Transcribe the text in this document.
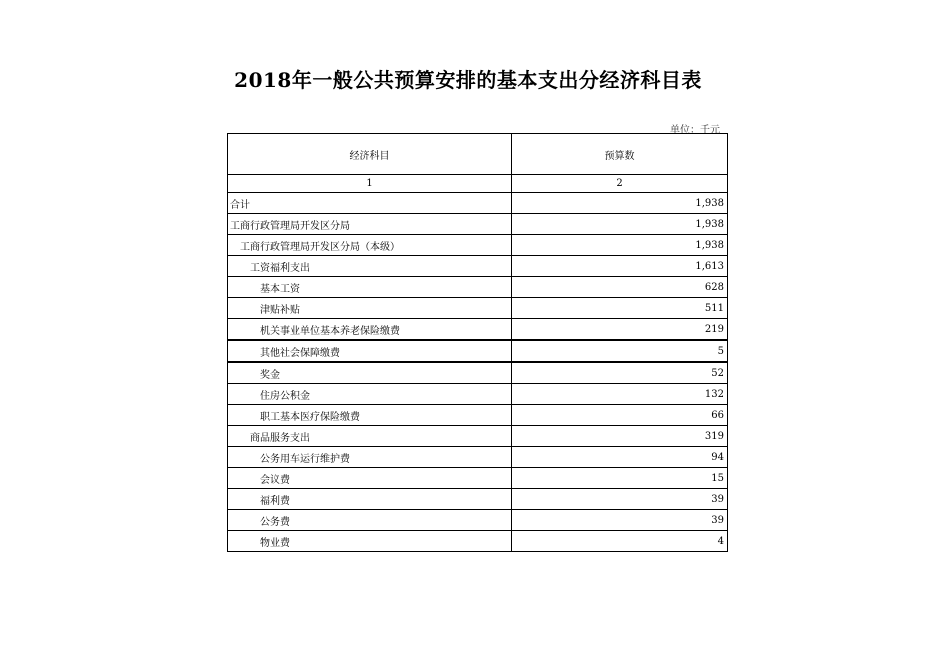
2018年一般公共预算安排的基本支出分经济科目表
单位：千元
经济科目	预算数
1	2
合计	1,938
工商行政管理局开发区分局	1,938
工商行政管理局开发区分局（本级）	1,938
工资福利支出	1,613
基本工资	628
津贴补贴	511
机关事业单位基本养老保险缴费	219
其他社会保障缴费	5
奖金	52
住房公积金	132
职工基本医疗保险缴费	66
商品服务支出	319
公务用车运行维护费	94
会议费	15
福利费	39
公务费	39
物业费	4
